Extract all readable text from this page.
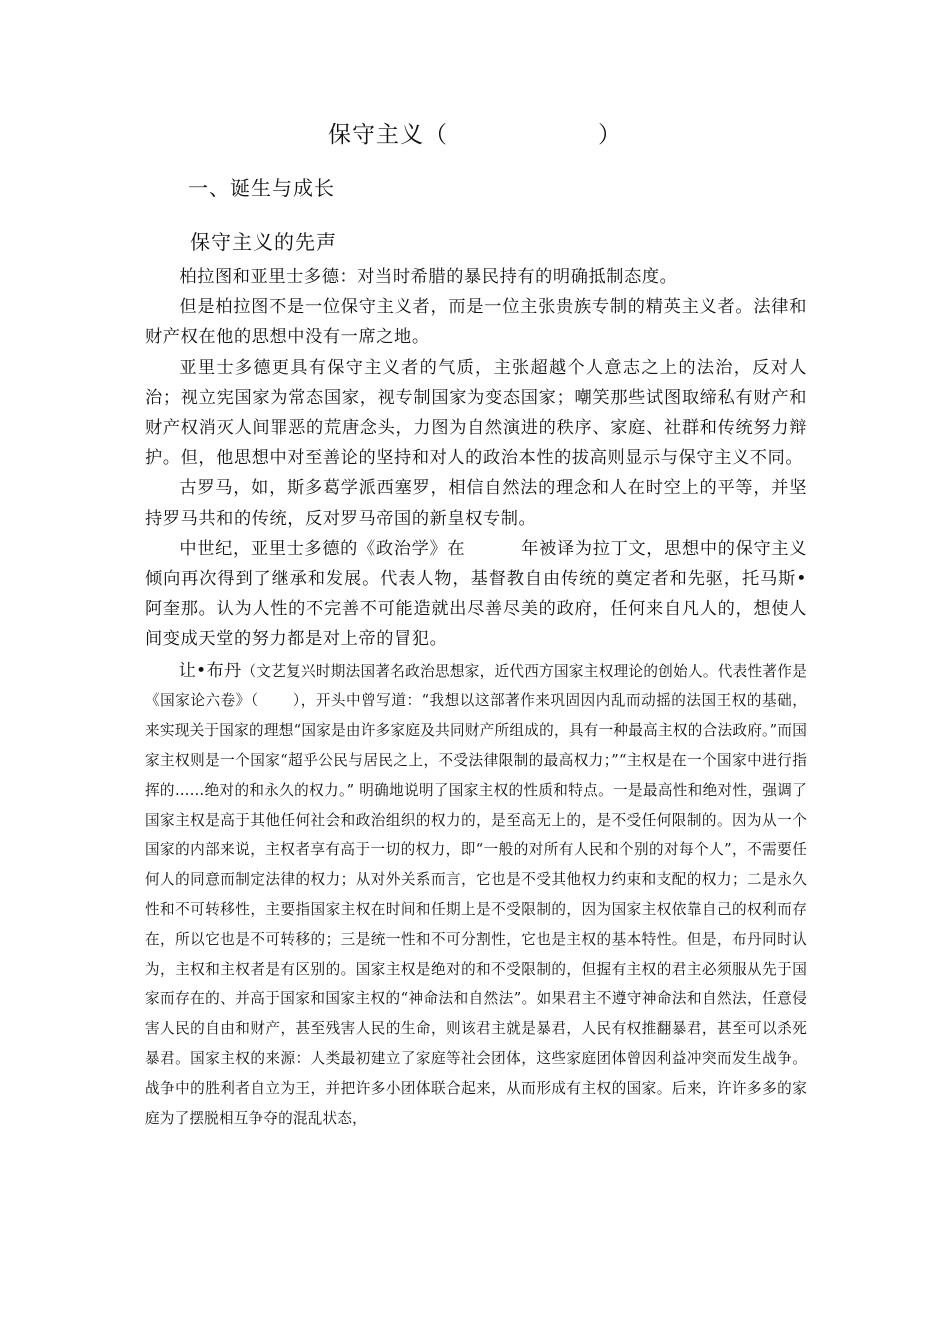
保守主义（	）
一、诞生与成长
保守主义的先声

柏拉图和亚里士多德：对当时希腊的暴民持有的明确抵制态度。

但是柏拉图不是一位保守主义者，而是一位主张贵族专制的精英主义者。法律和财产权在他的思想中没有一席之地。

亚里士多德更具有保守主义者的气质，主张超越个人意志之上的法治，反对人治；视立宪国家为常态国家，视专制国家为变态国家；嘲笑那些试图取缔私有财产和财产权消灭人间罪恶的荒唐念头，力图为自然演进的秩序、家庭、社群和传统努力辩护。但，他思想中对至善论的坚持和对人的政治本性的拔高则显示与保守主义不同。

古罗马，如，斯多葛学派西塞罗，相信自然法的理念和人在时空上的平等，并坚持罗马共和的传统，反对罗马帝国的新皇权专制。

中世纪，亚里士多德的《政治学》在	年被译为拉丁文，思想中的保守主义倾向再次得到了继承和发展。代表人物，基督教自由传统的奠定者和先驱，托马斯•阿奎那。认为人性的不完善不可能造就出尽善尽美的政府，任何来自凡人的，想使人间变成天堂的努力都是对上帝的冒犯。

让•布丹（文艺复兴时期法国著名政治思想家，近代西方国家主权理论的创始人。代表性著作是《国家论六卷》（ ），开头中曾写道：“我想以这部著作来巩固因内乱而动摇的法国王权的基础，来实现关于国家的理想“国家是由许多家庭及共同财产所组成的，具有一种最高主权的合法政府。”而国家主权则是一个国家“超乎公民与居民之上，不受法律限制的最高权力；”“主权是在一个国家中进行指挥的……绝对的和永久的权力。” 明确地说明了国家主权的性质和特点。一是最高性和绝对性，强调了国家主权是高于其他任何社会和政治组织的权力的，是至高无上的，是不受任何限制的。因为从一个国家的内部来说，主权者享有高于一切的权力，即“一般的对所有人民和个别的对每个人”，不需要任何人的同意而制定法律的权力；从对外关系而言，它也是不受其他权力约束和支配的权力；二是永久性和不可转移性，主要指国家主权在时间和任期上是不受限制的，因为国家主权依靠自己的权利而存在，所以它也是不可转移的；三是统一性和不可分割性，它也是主权的基本特性。但是，布丹同时认为，主权和主权者是有区别的。国家主权是绝对的和不受限制的，但握有主权的君主必须服从先于国家而存在的、并高于国家和国家主权的“神命法和自然法”。如果君主不遵守神命法和自然法，任意侵害人民的自由和财产，甚至残害人民的生命，则该君主就是暴君，人民有权推翻暴君，甚至可以杀死暴君。国家主权的来源：人类最初建立了家庭等社会团体，这些家庭团体曾因利益冲突而发生战争。战争中的胜利者自立为王，并把许多小团体联合起来，从而形成有主权的国家。后来，许许多多的家庭为了摆脱相互争夺的混乱状态，
